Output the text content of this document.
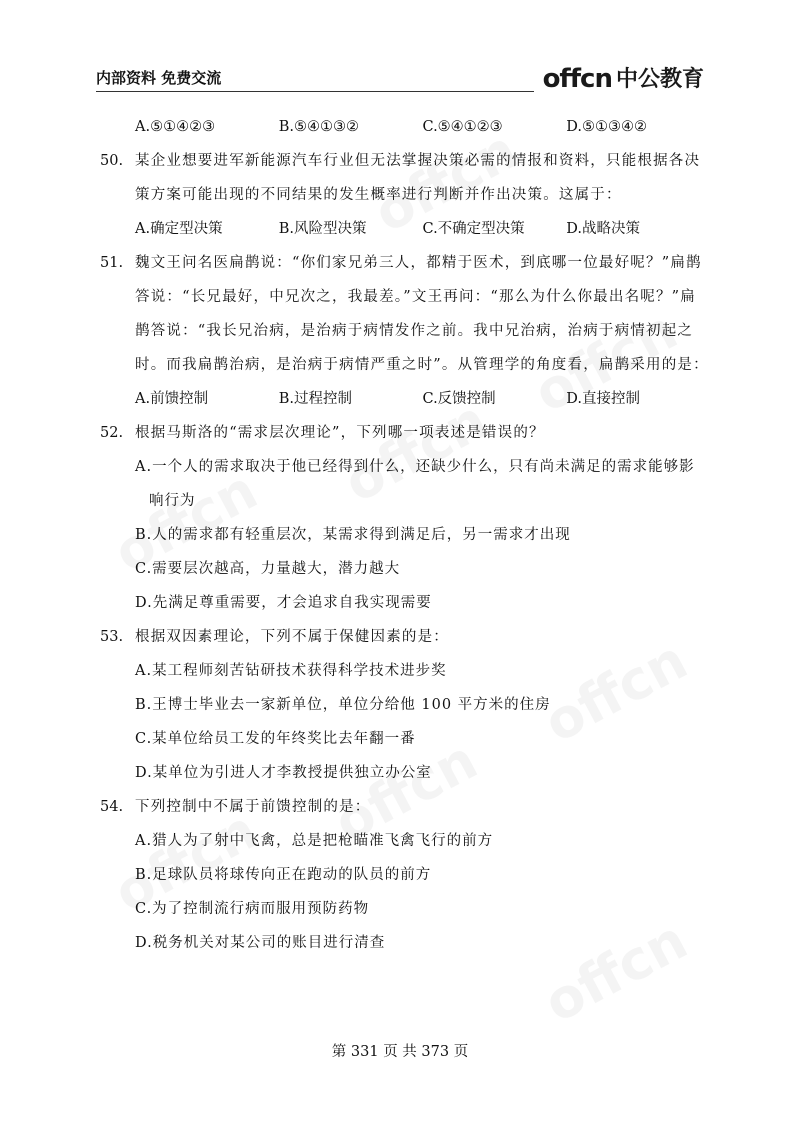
内部资料 免费交流	offcn 中公教育
A.⑤①④②③	B.⑤④①③②	C.⑤④①②③	D.⑤①③④②
50. 某企业想要进军新能源汽车行业但无法掌握决策必需的情报和资料，只能根据各决策方案可能出现的不同结果的发生概率进行判断并作出决策。这属于：
A.确定型决策	B.风险型决策	C.不确定型决策	D.战略决策
51. 魏文王问名医扁鹊说：“你们家兄弟三人，都精于医术，到底哪一位最好呢？”扁鹊答说：“长兄最好，中兄次之，我最差。”文王再问：“那么为什么你最出名呢？”扁鹊答说：“我长兄治病，是治病于病情发作之前。我中兄治病，治病于病情初起之时。而我扁鹊治病，是治病于病情严重之时”。从管理学的角度看，扁鹊采用的是：
A.前馈控制	B.过程控制	C.反馈控制	D.直接控制
52. 根据马斯洛的“需求层次理论”，下列哪一项表述是错误的？
A.一个人的需求取决于他已经得到什么，还缺少什么，只有尚未满足的需求能够影
响行为
B.人的需求都有轻重层次，某需求得到满足后，另一需求才出现
C.需要层次越高，力量越大，潜力越大
D.先满足尊重需要，才会追求自我实现需要
53. 根据双因素理论，下列不属于保健因素的是：
A.某工程师刻苦钻研技术获得科学技术进步奖
B.王博士毕业去一家新单位，单位分给他 100 平方米的住房
C.某单位给员工发的年终奖比去年翻一番
D.某单位为引进人才李教授提供独立办公室
54. 下列控制中不属于前馈控制的是：
A.猎人为了射中飞禽，总是把枪瞄准飞禽飞行的前方
B.足球队员将球传向正在跑动的队员的前方
C.为了控制流行病而服用预防药物
D.税务机关对某公司的账目进行清查
第 331 页 共 373 页
